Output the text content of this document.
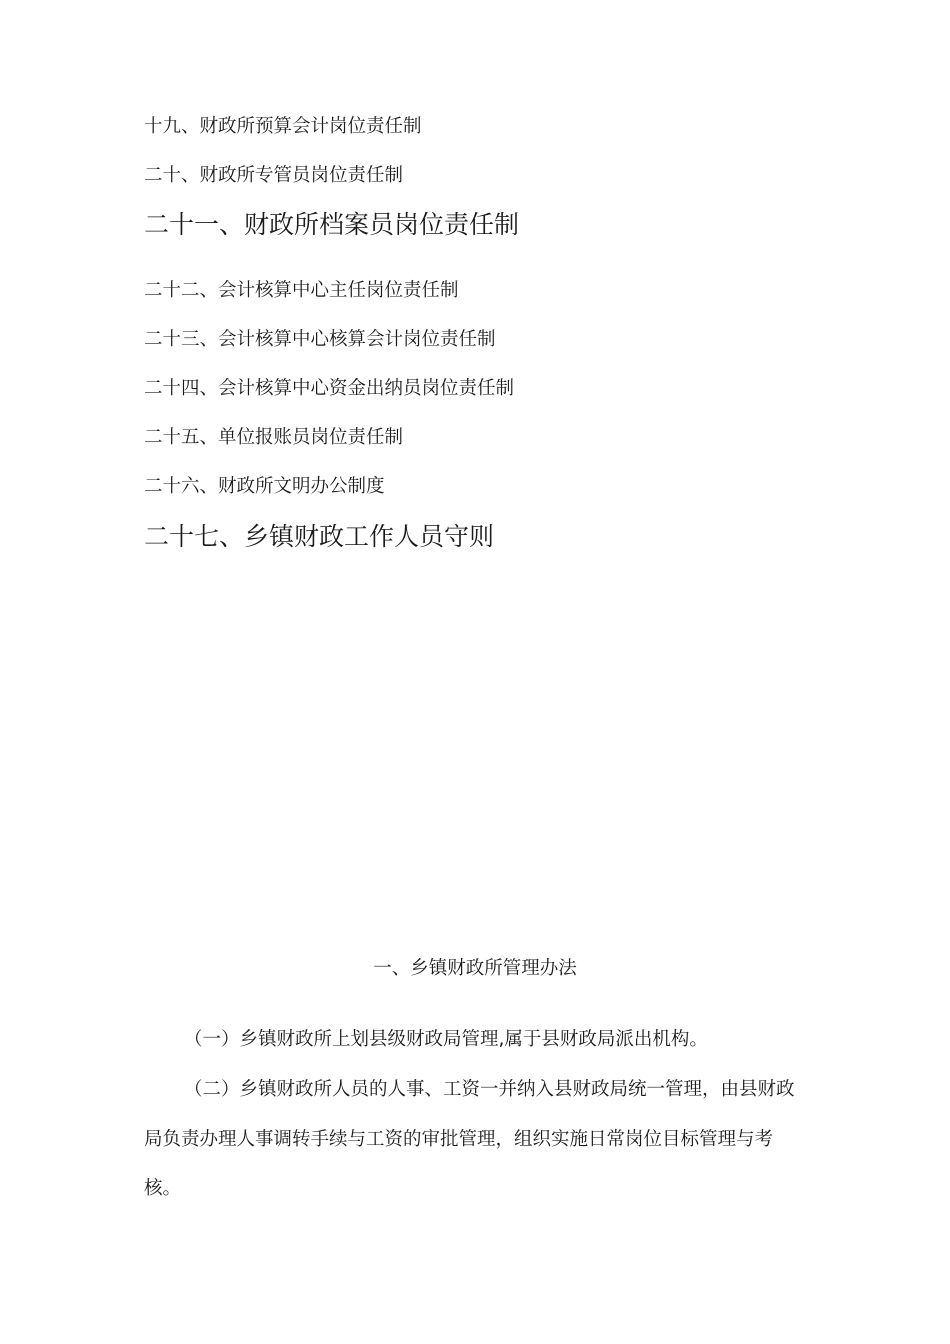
十九、财政所预算会计岗位责任制
二十、财政所专管员岗位责任制
二十一、财政所档案员岗位责任制
二十二、会计核算中心主任岗位责任制
二十三、会计核算中心核算会计岗位责任制
二十四、会计核算中心资金出纳员岗位责任制
二十五、单位报账员岗位责任制
二十六、财政所文明办公制度
二十七、乡镇财政工作人员守则
一、乡镇财政所管理办法
（一）乡镇财政所上划县级财政局管理,属于县财政局派出机构。
（二）乡镇财政所人员的人事、工资一并纳入县财政局统一管理，由县财政
局负责办理人事调转手续与工资的审批管理，组织实施日常岗位目标管理与考
核。
